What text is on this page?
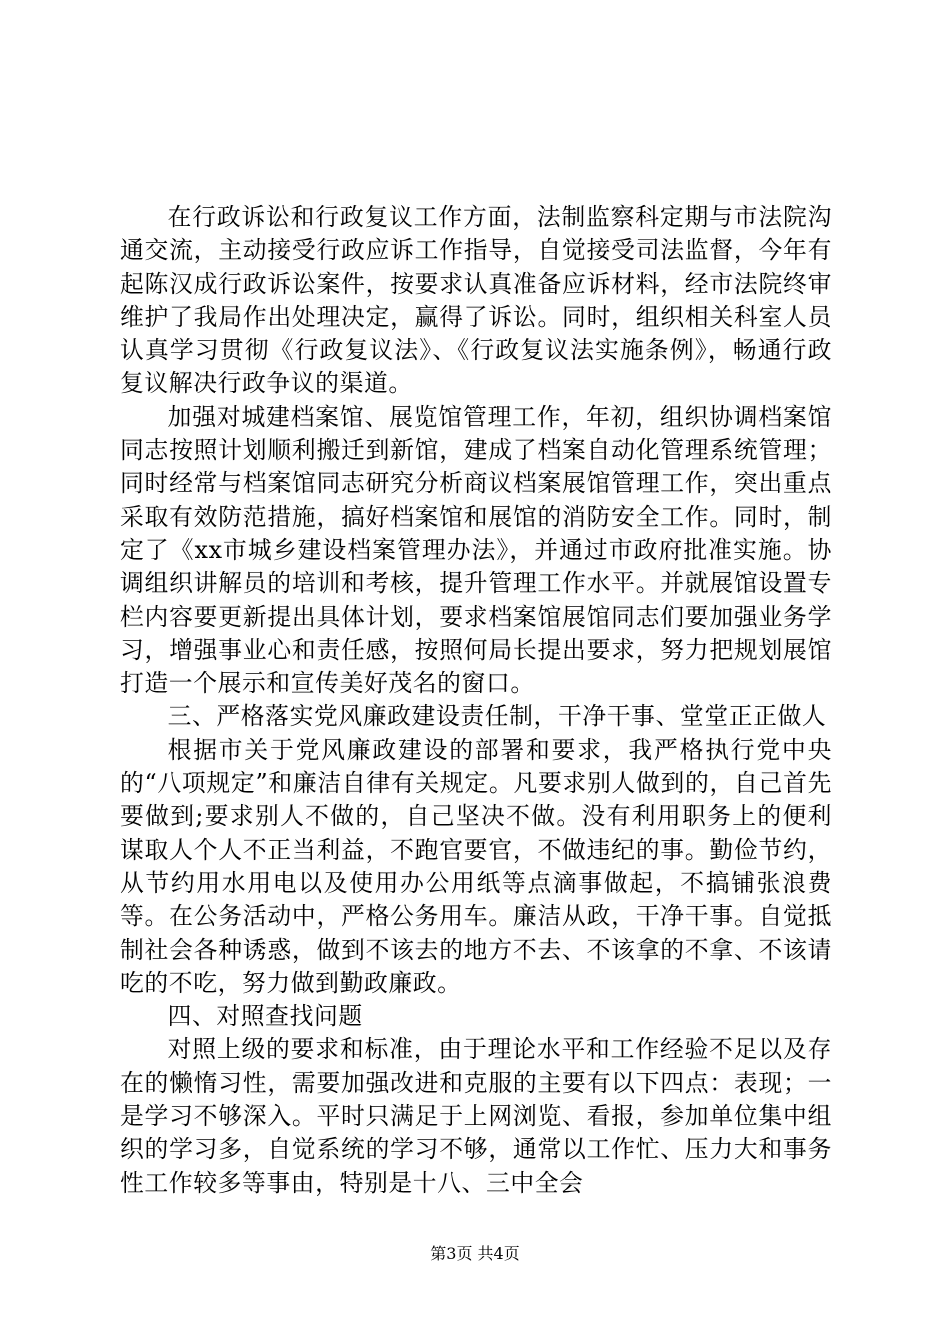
在行政诉讼和行政复议工作方面，法制监察科定期与市法院沟通交流，主动接受行政应诉工作指导，自觉接受司法监督，今年有起陈汉成行政诉讼案件，按要求认真准备应诉材料，经市法院终审维护了我局作出处理决定，赢得了诉讼。同时，组织相关科室人员认真学习贯彻《行政复议法》、《行政复议法实施条例》，畅通行政复议解决行政争议的渠道。

加强对城建档案馆、展览馆管理工作，年初，组织协调档案馆同志按照计划顺利搬迁到新馆，建成了档案自动化管理系统管理；同时经常与档案馆同志研究分析商议档案展馆管理工作，突出重点采取有效防范措施，搞好档案馆和展馆的消防安全工作。同时，制定了《xx市城乡建设档案管理办法》，并通过市政府批准实施。协调组织讲解员的培训和考核，提升管理工作水平。并就展馆设置专栏内容要更新提出具体计划，要求档案馆展馆同志们要加强业务学习，增强事业心和责任感，按照何局长提出要求，努力把规划展馆打造一个展示和宣传美好茂名的窗口。

三、严格落实党风廉政建设责任制，干净干事、堂堂正正做人

根据市关于党风廉政建设的部署和要求，我严格执行党中央的“八项规定”和廉洁自律有关规定。凡要求别人做到的，自己首先要做到;要求别人不做的，自己坚决不做。没有利用职务上的便利谋取人个人不正当利益，不跑官要官，不做违纪的事。勤俭节约，从节约用水用电以及使用办公用纸等点滴事做起，不搞铺张浪费等。在公务活动中，严格公务用车。廉洁从政，干净干事。自觉抵制社会各种诱惑，做到不该去的地方不去、不该拿的不拿、不该请吃的不吃，努力做到勤政廉政。

四、对照查找问题

对照上级的要求和标准，由于理论水平和工作经验不足以及存在的懒惰习性，需要加强改进和克服的主要有以下四点：表现；一是学习不够深入。平时只满足于上网浏览、看报，参加单位集中组织的学习多，自觉系统的学习不够，通常以工作忙、压力大和事务性工作较多等事由，特别是十八、三中全会

第3页 共4页
